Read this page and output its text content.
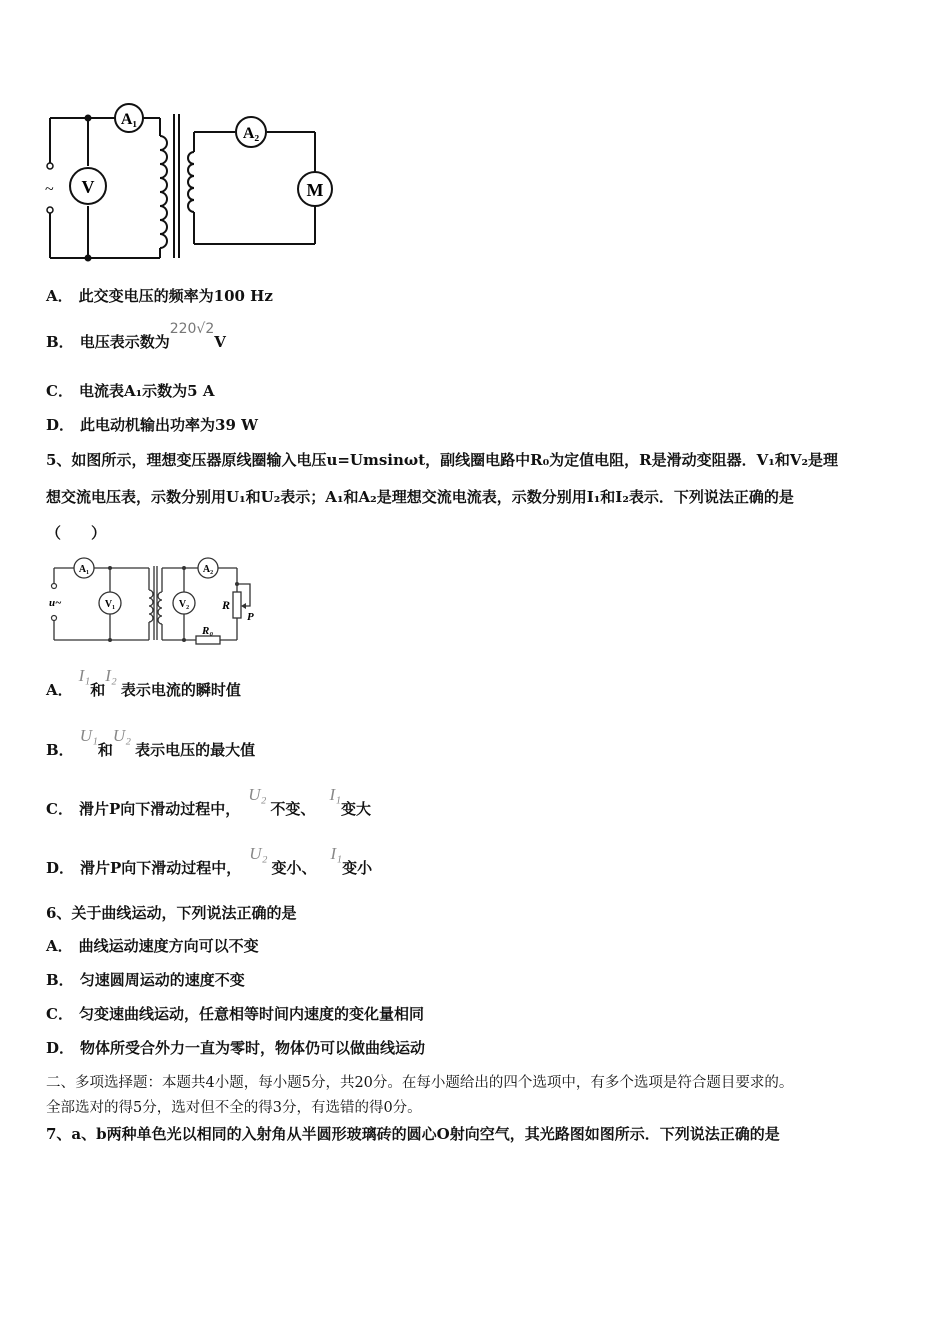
~
A₁
V
A₂
M
A． 此交变电压的频率为100 Hz
B． 电压表示数为220√2V
C． 电流表A₁示数为5 A
D． 此电动机输出功率为39 W
5、如图所示，理想变压器原线圈输入电压u=Umsinωt，副线圈电路中R₀为定值电阻，R是滑动变阻器．V₁和V₂是理
想交流电压表，示数分别用U₁和U₂表示；A₁和A₂是理想交流电流表，示数分别用I₁和I₂表示．下列说法正确的是
（　　）
A₁	A₂
V₁	V₂
u~	R
P
R₀
A．I₁和I₂表示电流的瞬时值
B．U₁和U₂表示电压的最大值
C． 滑片P向下滑动过程中，U₂不变、I₁变大
D． 滑片P向下滑动过程中，U₂变小、I₁变小
6、关于曲线运动，下列说法正确的是
A． 曲线运动速度方向可以不变
B． 匀速圆周运动的速度不变
C． 匀变速曲线运动，任意相等时间内速度的变化量相同
D． 物体所受合外力一直为零时，物体仍可以做曲线运动
二、多项选择题：本题共4小题，每小题5分，共20分。在每小题给出的四个选项中，有多个选项是符合题目要求的。
全部选对的得5分，选对但不全的得3分，有选错的得0分。
7、a、b两种单色光以相同的入射角从半圆形玻璃砖的圆心O射向空气，其光路图如图所示．下列说法正确的是
